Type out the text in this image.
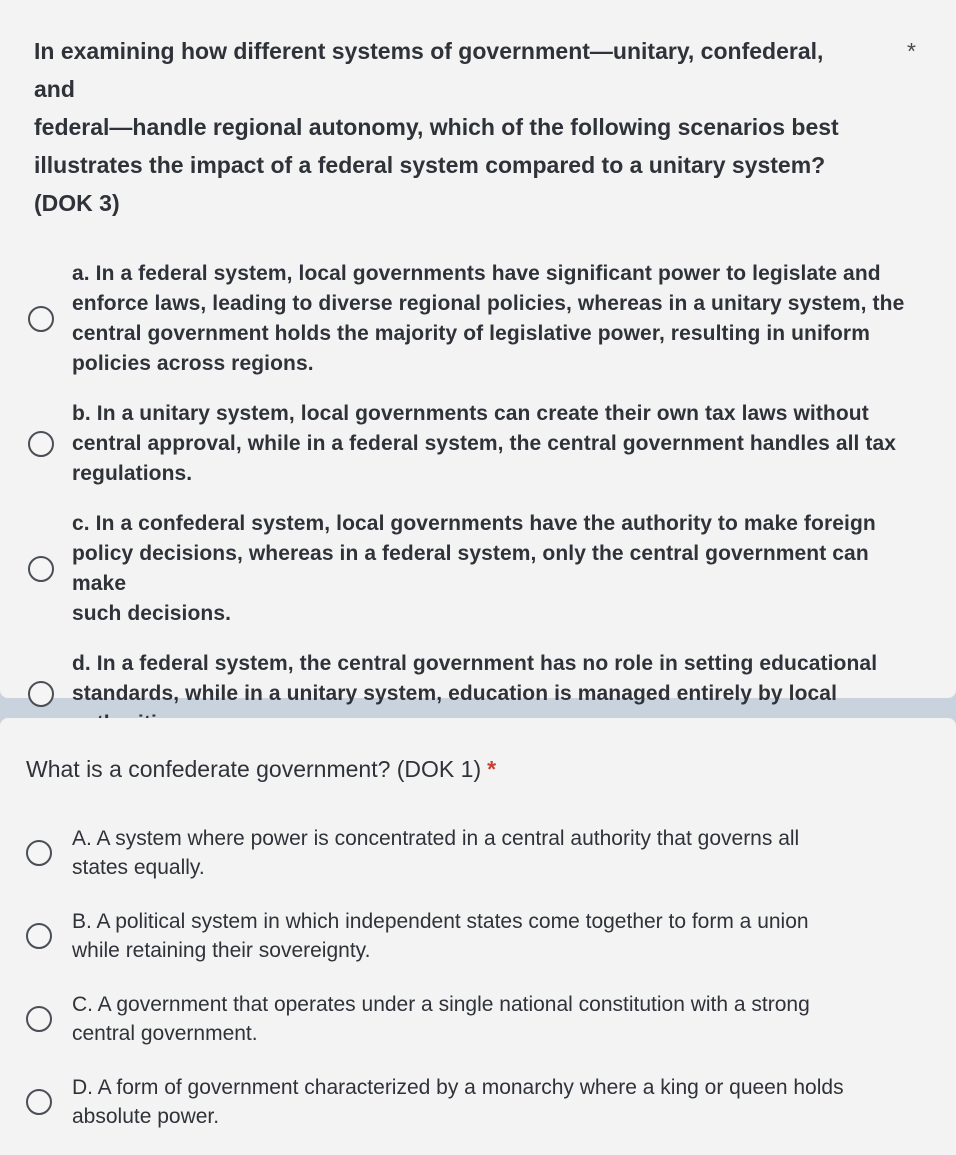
In examining how different systems of government—unitary, confederal, and
federal—handle regional autonomy, which of the following scenarios best
illustrates the impact of a federal system compared to a unitary system? (DOK 3)
*
a. In a federal system, local governments have significant power to legislate and
enforce laws, leading to diverse regional policies, whereas in a unitary system, the
central government holds the majority of legislative power, resulting in uniform
policies across regions.
b. In a unitary system, local governments can create their own tax laws without
central approval, while in a federal system, the central government handles all tax
regulations.
c. In a confederal system, local governments have the authority to make foreign
policy decisions, whereas in a federal system, only the central government can make
such decisions.
d. In a federal system, the central government has no role in setting educational
standards, while in a unitary system, education is managed entirely by local

What is a confederate government? (DOK 1) *
A. A system where power is concentrated in a central authority that governs all
states equally.
B. A political system in which independent states come together to form a union
while retaining their sovereignty.
C. A government that operates under a single national constitution with a strong
central government.
D. A form of government characterized by a monarchy where a king or queen holds
absolute power.
